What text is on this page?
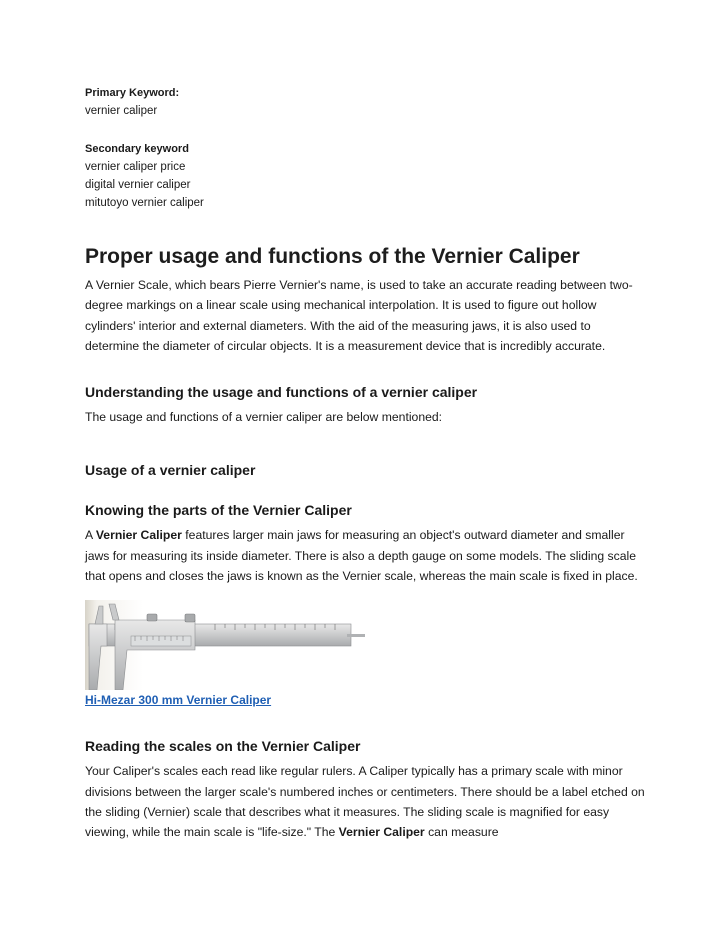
Primary Keyword:
vernier caliper
Secondary keyword
vernier caliper price
digital vernier caliper
mitutoyo vernier caliper
Proper usage and functions of the Vernier Caliper

A Vernier Scale, which bears Pierre Vernier's name, is used to take an accurate reading between two-degree markings on a linear scale using mechanical interpolation. It is used to figure out hollow cylinders' interior and external diameters. With the aid of the measuring jaws, it is also used to determine the diameter of circular objects. It is a measurement device that is incredibly accurate.

Understanding the usage and functions of a vernier caliper

The usage and functions of a vernier caliper are below mentioned:

Usage of a vernier caliper
Knowing the parts of the Vernier Caliper

A Vernier Caliper features larger main jaws for measuring an object's outward diameter and smaller jaws for measuring its inside diameter. There is also a depth gauge on some models. The sliding scale that opens and closes the jaws is known as the Vernier scale, whereas the main scale is fixed in place.

Hi-Mezar 300 mm Vernier Caliper
Reading the scales on the Vernier Caliper

Your Caliper's scales each read like regular rulers. A Caliper typically has a primary scale with minor divisions between the larger scale's numbered inches or centimeters. There should be a label etched on the sliding (Vernier) scale that describes what it measures. The sliding scale is magnified for easy viewing, while the main scale is "life-size." The Vernier Caliper can measure
